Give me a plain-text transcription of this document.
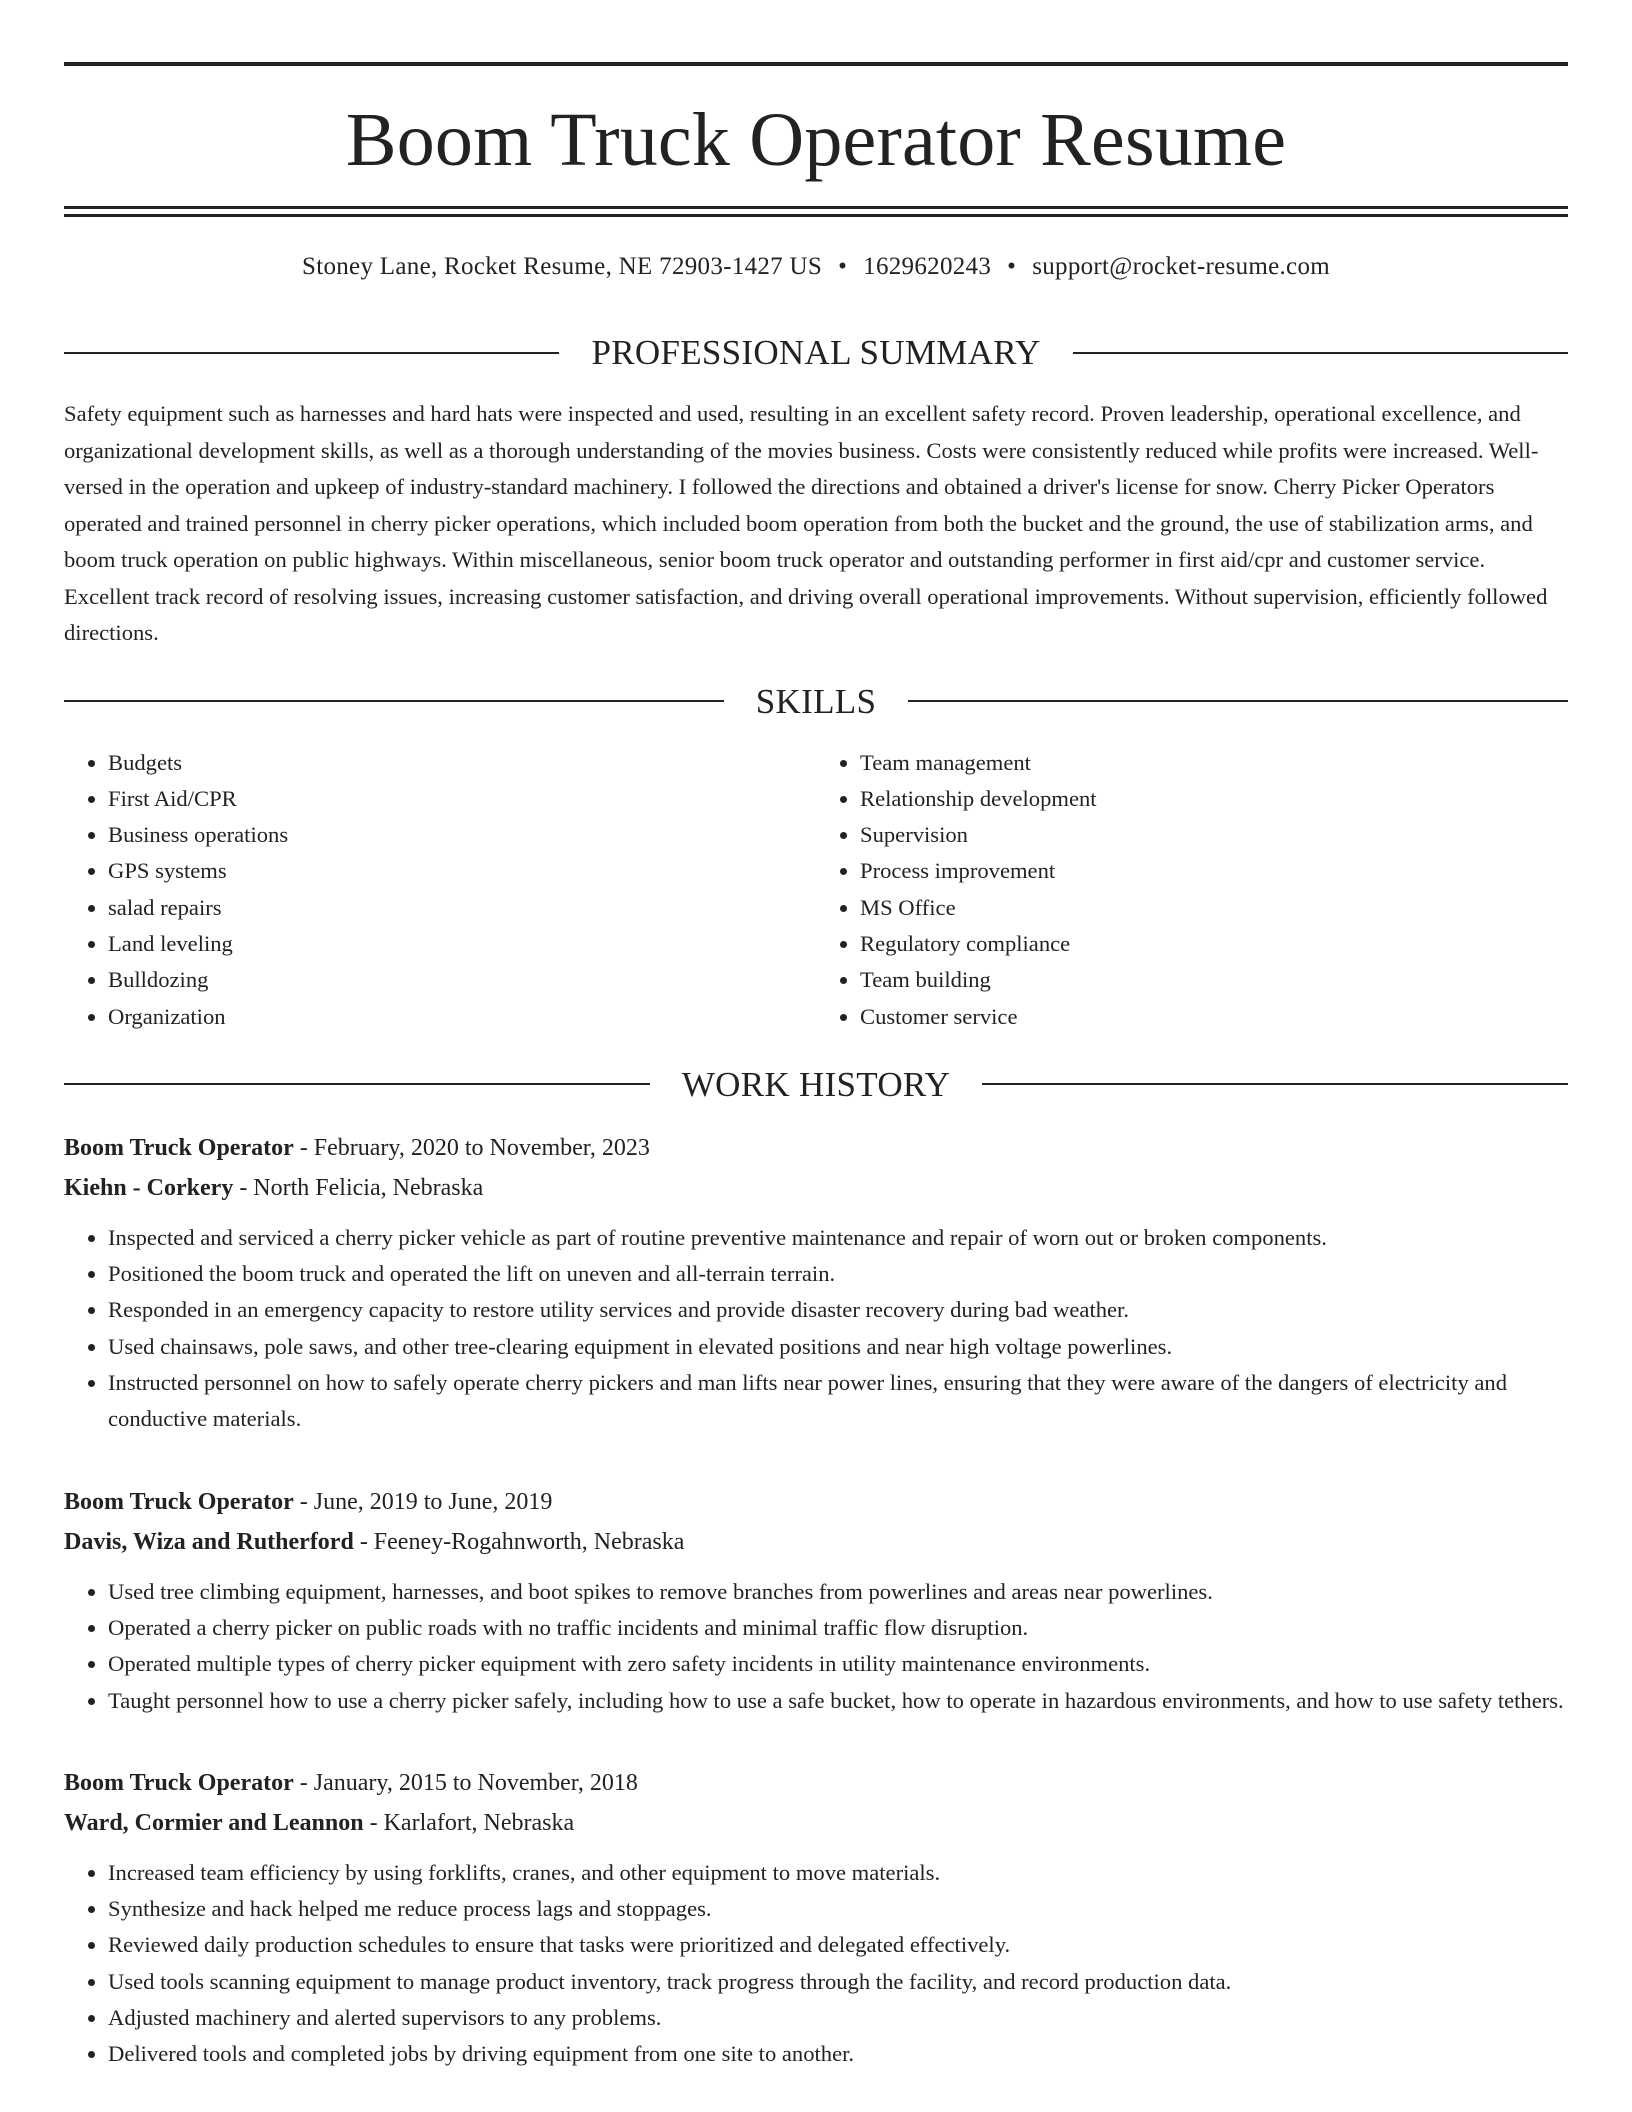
Boom Truck Operator Resume
Stoney Lane, Rocket Resume, NE 72903-1427 US • 1629620243 • support@rocket-resume.com
PROFESSIONAL SUMMARY

Safety equipment such as harnesses and hard hats were inspected and used, resulting in an excellent safety record. Proven leadership, operational excellence, and organizational development skills, as well as a thorough understanding of the movies business. Costs were consistently reduced while profits were increased. Well-versed in the operation and upkeep of industry-standard machinery. I followed the directions and obtained a driver's license for snow. Cherry Picker Operators operated and trained personnel in cherry picker operations, which included boom operation from both the bucket and the ground, the use of stabilization arms, and boom truck operation on public highways. Within miscellaneous, senior boom truck operator and outstanding performer in first aid/cpr and customer service. Excellent track record of resolving issues, increasing customer satisfaction, and driving overall operational improvements. Without supervision, efficiently followed directions.

SKILLS
• Budgets
• First Aid/CPR
• Business operations
• GPS systems
• salad repairs
• Land leveling
• Bulldozing
• Organization
• Team management
• Relationship development
• Supervision
• Process improvement
• MS Office
• Regulatory compliance
• Team building
• Customer service
WORK HISTORY
Boom Truck Operator - February, 2020 to November, 2023
Kiehn - Corkery - North Felicia, Nebraska
• Inspected and serviced a cherry picker vehicle as part of routine preventive maintenance and repair of worn out or broken components.
• Positioned the boom truck and operated the lift on uneven and all-terrain terrain.
• Responded in an emergency capacity to restore utility services and provide disaster recovery during bad weather.
• Used chainsaws, pole saws, and other tree-clearing equipment in elevated positions and near high voltage powerlines.
• Instructed personnel on how to safely operate cherry pickers and man lifts near power lines, ensuring that they were aware of the dangers of electricity and conductive materials.
Boom Truck Operator - June, 2019 to June, 2019
Davis, Wiza and Rutherford - Feeney-Rogahnworth, Nebraska
• Used tree climbing equipment, harnesses, and boot spikes to remove branches from powerlines and areas near powerlines.
• Operated a cherry picker on public roads with no traffic incidents and minimal traffic flow disruption.
• Operated multiple types of cherry picker equipment with zero safety incidents in utility maintenance environments.
• Taught personnel how to use a cherry picker safely, including how to use a safe bucket, how to operate in hazardous environments, and how to use safety tethers.
Boom Truck Operator - January, 2015 to November, 2018
Ward, Cormier and Leannon - Karlafort, Nebraska
• Increased team efficiency by using forklifts, cranes, and other equipment to move materials.
• Synthesize and hack helped me reduce process lags and stoppages.
• Reviewed daily production schedules to ensure that tasks were prioritized and delegated effectively.
• Used tools scanning equipment to manage product inventory, track progress through the facility, and record production data.
• Adjusted machinery and alerted supervisors to any problems.
• Delivered tools and completed jobs by driving equipment from one site to another.
